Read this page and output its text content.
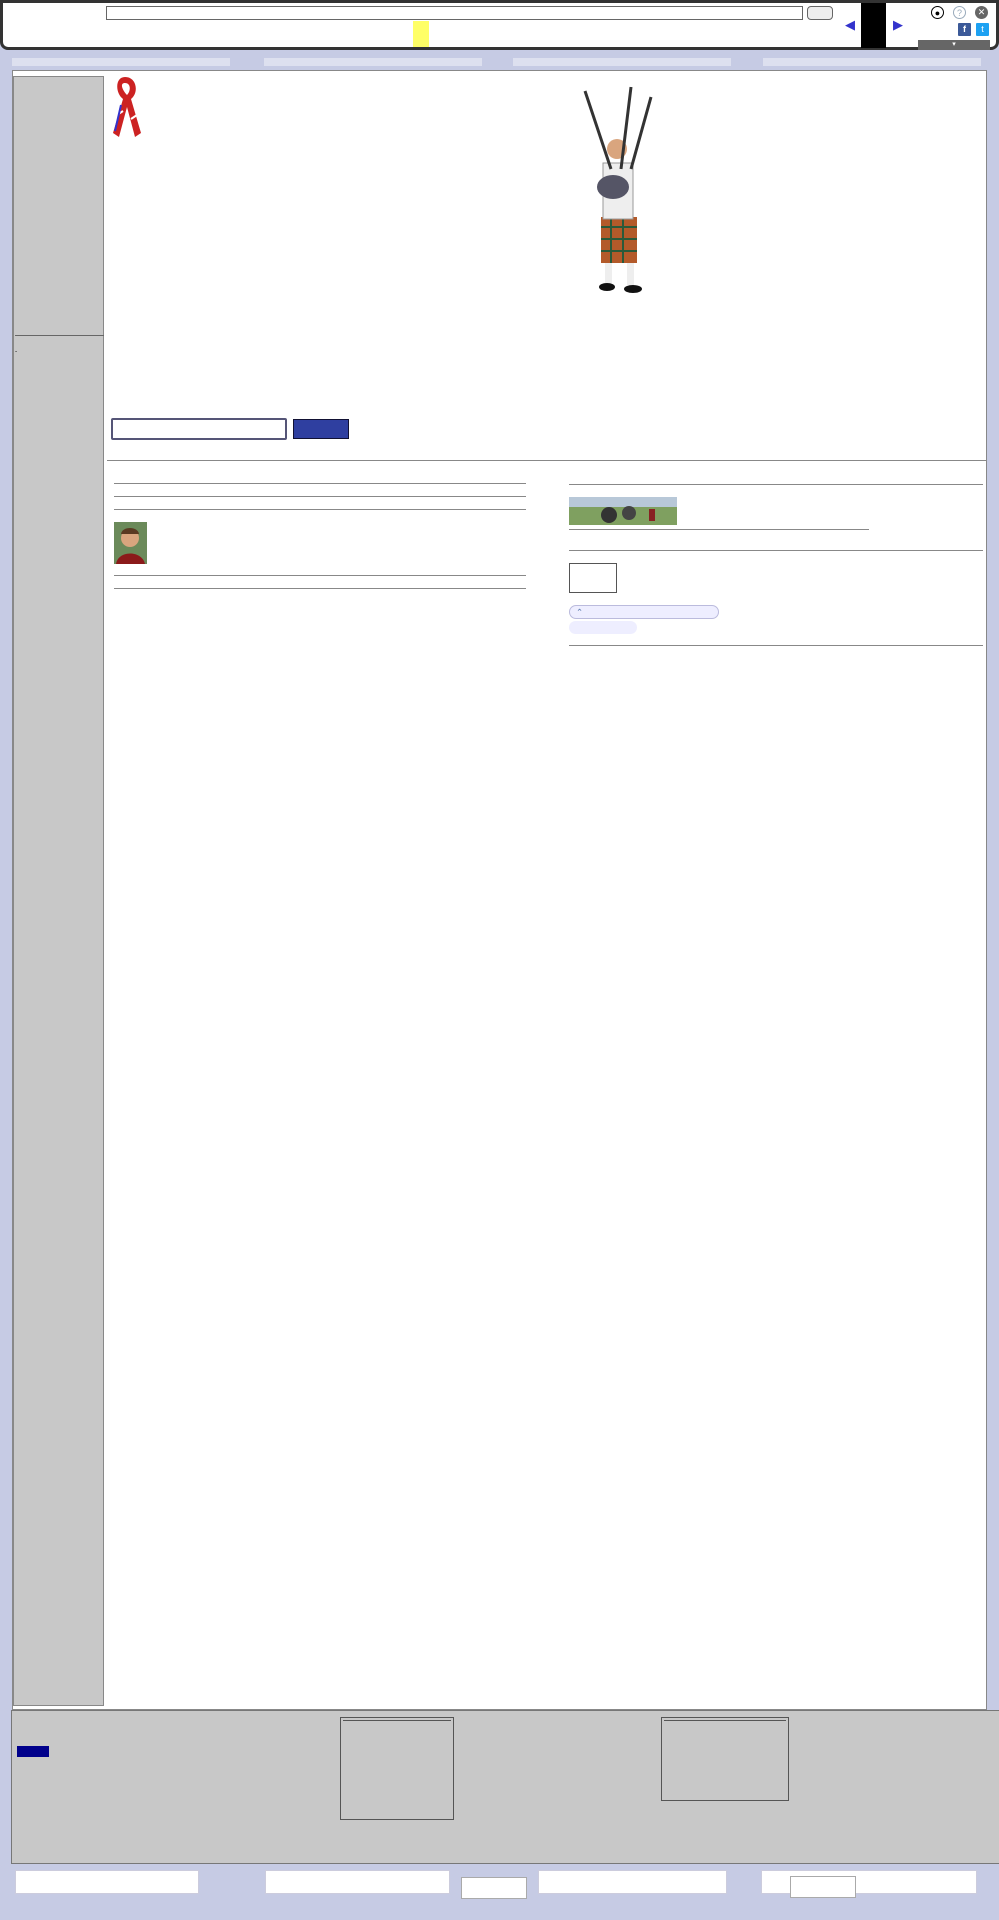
◀	▶
●	?	✕
f	t
▾
-

⌃
